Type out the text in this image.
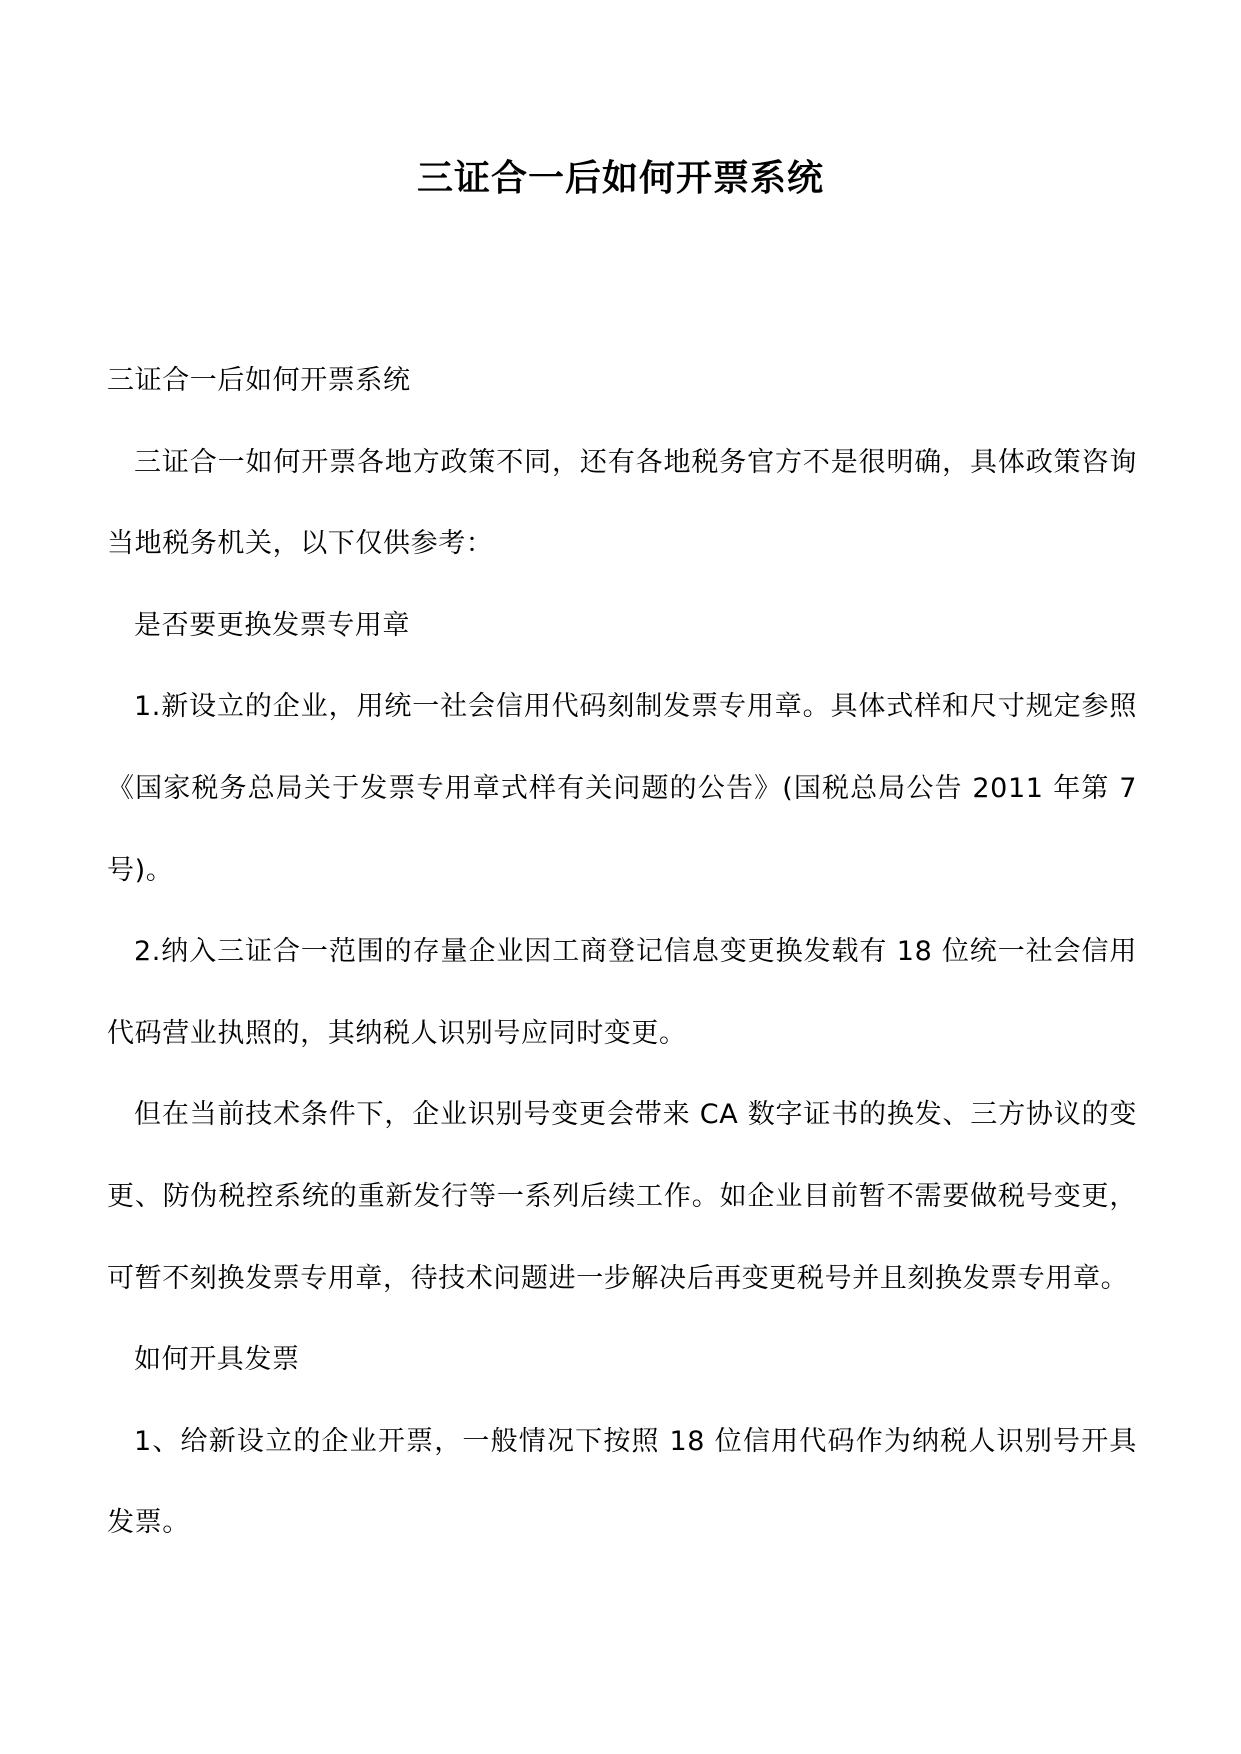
三证合一后如何开票系统

三证合一后如何开票系统

三证合一如何开票各地方政策不同，还有各地税务官方不是很明确，具体政策咨询当地税务机关，以下仅供参考：

是否要更换发票专用章

1.新设立的企业，用统一社会信用代码刻制发票专用章。具体式样和尺寸规定参照《国家税务总局关于发票专用章式样有关问题的公告》(国税总局公告 2011 年第 7 号)。

2.纳入三证合一范围的存量企业因工商登记信息变更换发载有 18 位统一社会信用代码营业执照的，其纳税人识别号应同时变更。

但在当前技术条件下，企业识别号变更会带来 CA 数字证书的换发、三方协议的变更、防伪税控系统的重新发行等一系列后续工作。如企业目前暂不需要做税号变更，可暂不刻换发票专用章，待技术问题进一步解决后再变更税号并且刻换发票专用章。

如何开具发票

1、给新设立的企业开票，一般情况下按照 18 位信用代码作为纳税人识别号开具发票。
